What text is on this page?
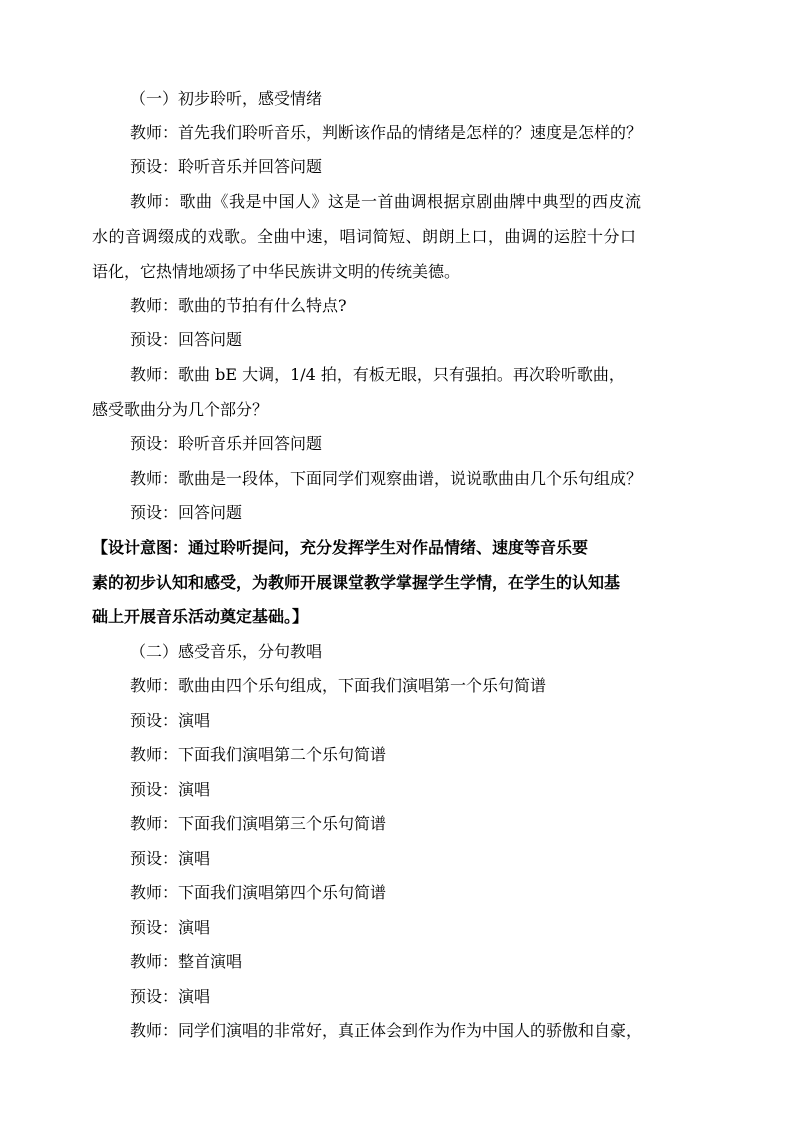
（一）初步聆听，感受情绪
教师：首先我们聆听音乐，判断该作品的情绪是怎样的？速度是怎样的？
预设：聆听音乐并回答问题
教师：歌曲《我是中国人》这是一首曲调根据京剧曲牌中典型的西皮流
水的音调缀成的戏歌。全曲中速，唱词简短、朗朗上口，曲调的运腔十分口
语化，它热情地颂扬了中华民族讲文明的传统美德。
教师：歌曲的节拍有什么特点?
预设：回答问题
教师：歌曲 bE 大调，1/4 拍，有板无眼，只有强拍。再次聆听歌曲，
感受歌曲分为几个部分？
预设：聆听音乐并回答问题
教师：歌曲是一段体，下面同学们观察曲谱，说说歌曲由几个乐句组成？
预设：回答问题
【设计意图：通过聆听提问，充分发挥学生对作品情绪、速度等音乐要
素的初步认知和感受，为教师开展课堂教学掌握学生学情，在学生的认知基
础上开展音乐活动奠定基础。】
（二）感受音乐，分句教唱
教师：歌曲由四个乐句组成，下面我们演唱第一个乐句简谱
预设：演唱
教师：下面我们演唱第二个乐句简谱
预设：演唱
教师：下面我们演唱第三个乐句简谱
预设：演唱
教师：下面我们演唱第四个乐句简谱
预设：演唱
教师：整首演唱
预设：演唱
教师：同学们演唱的非常好，真正体会到作为作为中国人的骄傲和自豪，
